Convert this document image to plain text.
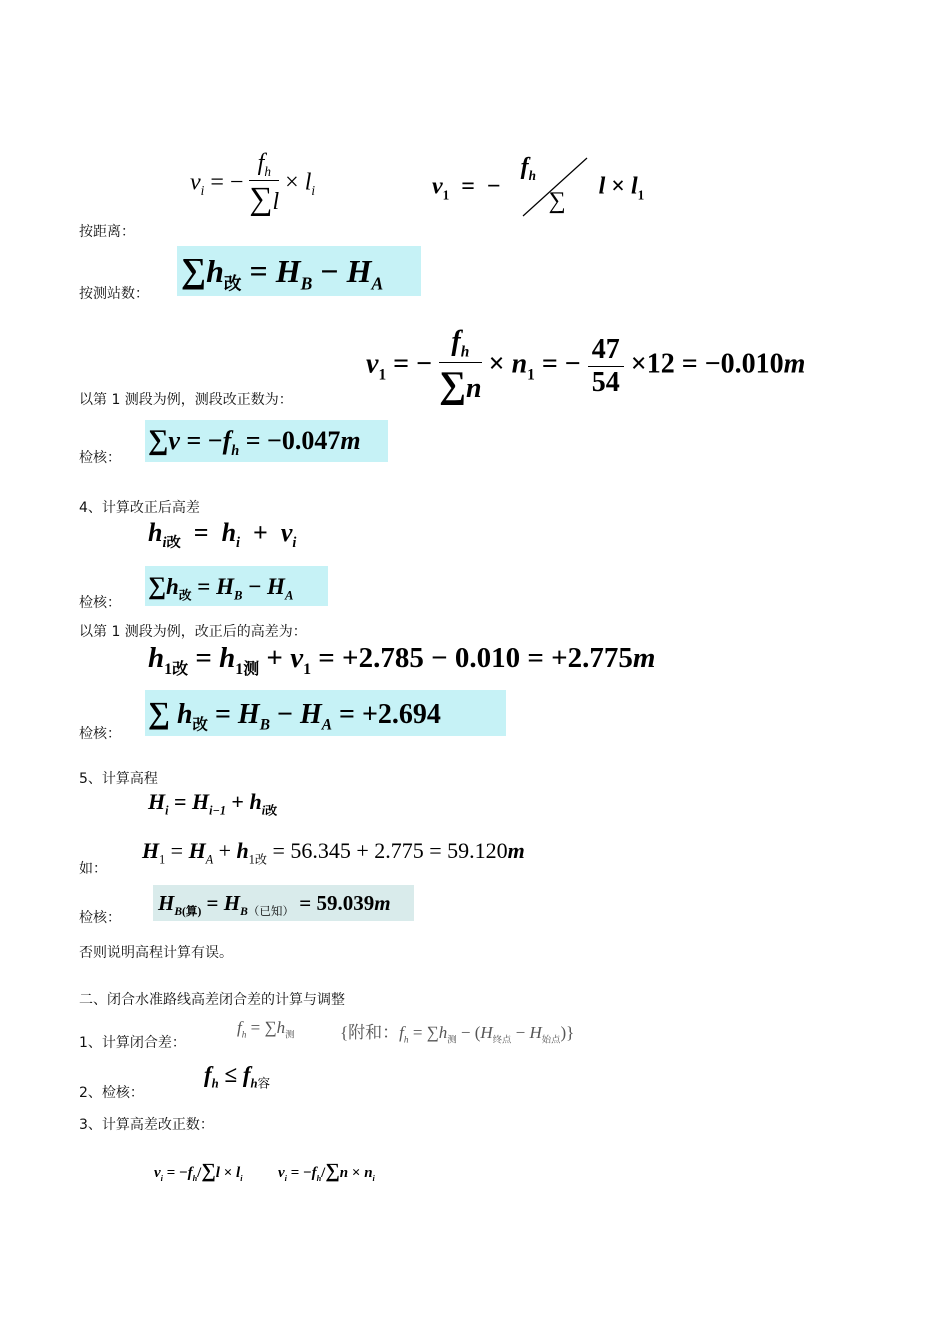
按距离：
按测站数：
以第 1 测段为例，测段改正数为：
检核：
4、计算改正后高差
检核：
以第 1 测段为例，改正后的高差为：
检核：
5、计算高程
如：
检核：
否则说明高程计算有误。
二、闭合水准路线高差闭合差的计算与调整
1、计算闭合差：
2、检核：
3、计算高差改正数：
$v_i$ = − $\frac{f_h}{\sum l} \times l_i$	$v_1$  =  −
$f_h$
∑
$l \times l_1$
$\sum h_改 = H_B - H_A$
$v_1$ = − $\frac{f_h}{\sum n} \times n_1$ = − $\frac{47}{54} \times 12 = -0.010m$
$\sum v = -f_h = -0.047m$
$h_{i改} = h_i + v_i$
$\sum h_改 = H_B - H_A$
$h_{1改} = h_{1测} + v_1 = +2.785 - 0.010 = +2.775m$
∑ $h_改 = H_B - H_A = +2.694$
$H_i = H_{i-1} + h_{i改}$
$H_1 = H_A + h_{1改} = 56.345 + 2.775 = 59.120m$
$H_{B(算)} = H_{B(已知)} = 59.039m$
$f_h = \sum h_测$	{附和：$f_h = \sum h_测 - (H_{终点} - H_{始点})$}
$f_h \le f_{h容}$
$v_i = -f_h/\sum l \times l_i$ $v_i = -f_h/\sum n \times n_i$
